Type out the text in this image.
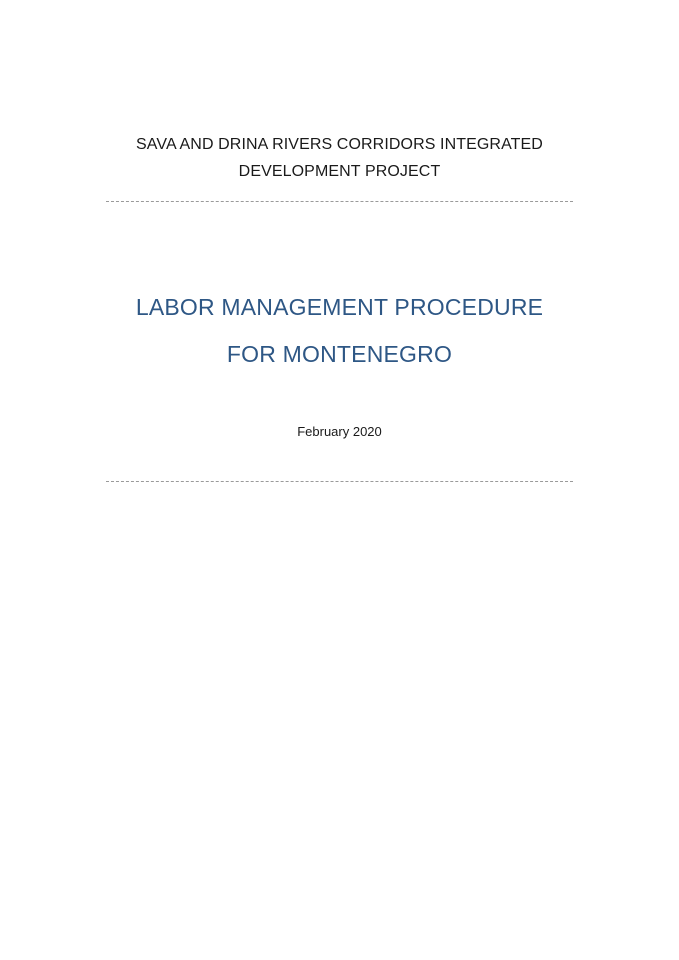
SAVA AND DRINA RIVERS CORRIDORS INTEGRATED
DEVELOPMENT PROJECT
LABOR MANAGEMENT PROCEDURE
FOR MONTENEGRO
February 2020
